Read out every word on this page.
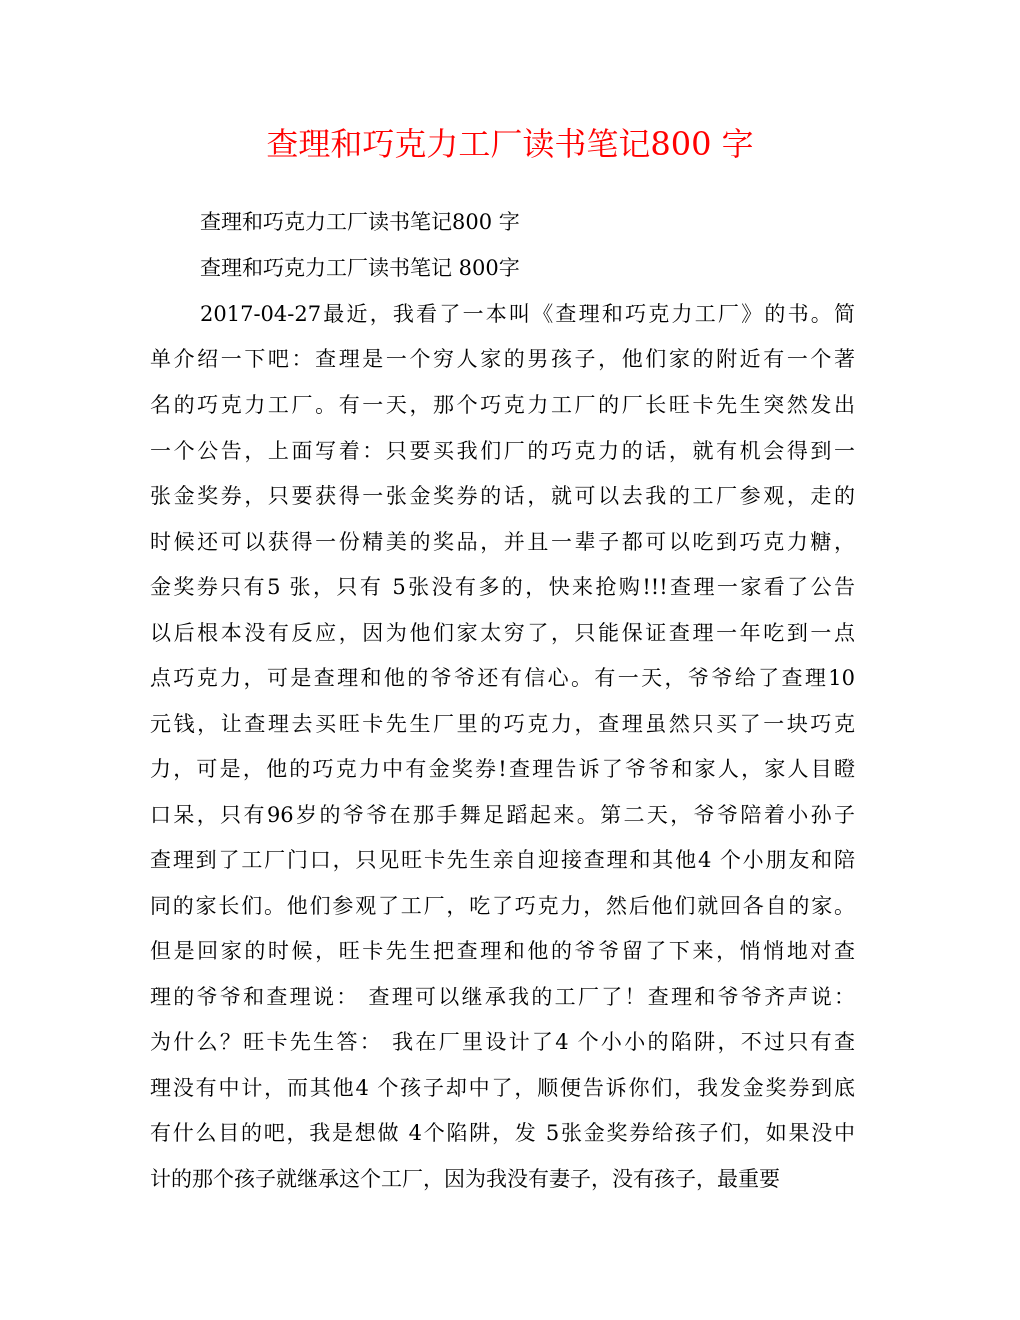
查理和巧克力工厂读书笔记800 字
查理和巧克力工厂读书笔记800 字
查理和巧克力工厂读书笔记 800字
2017-04-27最近，我看了一本叫《查理和巧克力工厂》的书。简
单介绍一下吧：查理是一个穷人家的男孩子，他们家的附近有一个著
名的巧克力工厂。有一天，那个巧克力工厂的厂长旺卡先生突然发出
一个公告，上面写着：只要买我们厂的巧克力的话，就有机会得到一
张金奖券，只要获得一张金奖券的话，就可以去我的工厂参观，走的
时候还可以获得一份精美的奖品，并且一辈子都可以吃到巧克力糖，
金奖券只有5 张，只有 5张没有多的，快来抢购!!!查理一家看了公告
以后根本没有反应，因为他们家太穷了，只能保证查理一年吃到一点
点巧克力，可是查理和他的爷爷还有信心。有一天，爷爷给了查理10
元钱，让查理去买旺卡先生厂里的巧克力，查理虽然只买了一块巧克
力，可是，他的巧克力中有金奖券!查理告诉了爷爷和家人，家人目瞪
口呆，只有96岁的爷爷在那手舞足蹈起来。第二天，爷爷陪着小孙子
查理到了工厂门口，只见旺卡先生亲自迎接查理和其他4 个小朋友和陪
同的家长们。他们参观了工厂，吃了巧克力，然后他们就回各自的家。
但是回家的时候，旺卡先生把查理和他的爷爷留了下来，悄悄地对查
理的爷爷和查理说： 查理可以继承我的工厂了！查理和爷爷齐声说：
为什么？旺卡先生答： 我在厂里设计了4 个小小的陷阱，不过只有查
理没有中计，而其他4 个孩子却中了，顺便告诉你们，我发金奖券到底
有什么目的吧，我是想做 4个陷阱，发 5张金奖券给孩子们，如果没中
计的那个孩子就继承这个工厂，因为我没有妻子，没有孩子，最重要
